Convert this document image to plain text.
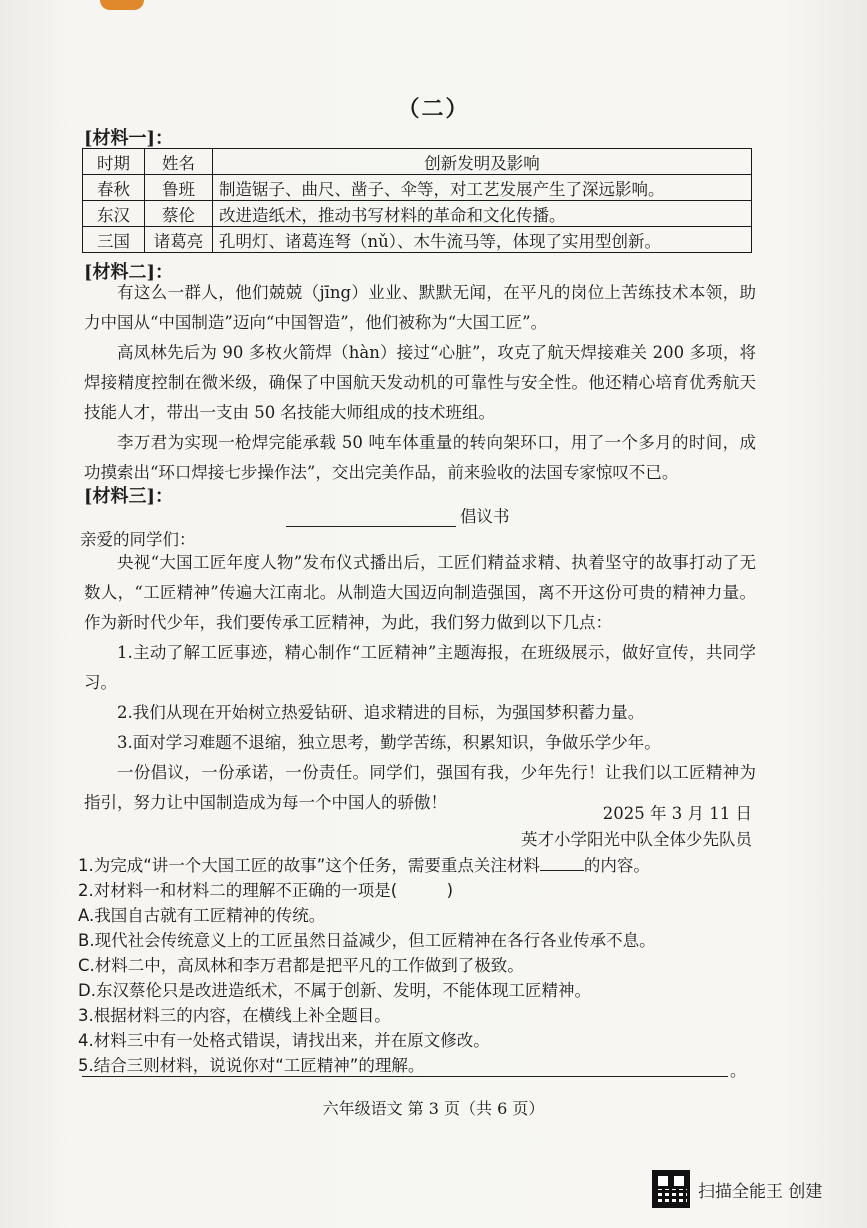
（二）
[材料一]：
时期	姓名	创新发明及影响
春秋	鲁班	制造锯子、曲尺、凿子、伞等，对工艺发展产生了深远影响。
东汉	蔡伦	改进造纸术，推动书写材料的革命和文化传播。
三国	诸葛亮	孔明灯、诸葛连弩（nǔ）、木牛流马等，体现了实用型创新。
[材料二]：
有这么一群人，他们兢兢（jīng）业业、默默无闻，在平凡的岗位上苦练技术本领，助力中国从“中国制造”迈向“中国智造”，他们被称为“大国工匠”。
高凤林先后为 90 多枚火箭焊（hàn）接过“心脏”，攻克了航天焊接难关 200 多项，将焊接精度控制在微米级，确保了中国航天发动机的可靠性与安全性。他还精心培育优秀航天技能人才，带出一支由 50 名技能大师组成的技术班组。
李万君为实现一枪焊完能承载 50 吨车体重量的转向架环口，用了一个多月的时间，成功摸索出“环口焊接七步操作法”，交出完美作品，前来验收的法国专家惊叹不已。
[材料三]：
倡议书
亲爱的同学们：
央视“大国工匠年度人物”发布仪式播出后，工匠们精益求精、执着坚守的故事打动了无数人，“工匠精神”传遍大江南北。从制造大国迈向制造强国，离不开这份可贵的精神力量。作为新时代少年，我们要传承工匠精神，为此，我们努力做到以下几点：
1.主动了解工匠事迹，精心制作“工匠精神”主题海报，在班级展示，做好宣传，共同学习。
2.我们从现在开始树立热爱钻研、追求精进的目标，为强国梦积蓄力量。
3.面对学习难题不退缩，独立思考，勤学苦练，积累知识，争做乐学少年。
一份倡议，一份承诺，一份责任。同学们，强国有我，少年先行！让我们以工匠精神为指引，努力让中国制造成为每一个中国人的骄傲！
2025 年 3 月 11 日
英才小学阳光中队全体少先队员
1.为完成“讲一个大国工匠的故事”这个任务，需要重点关注材料	的内容。
2.对材料一和材料二的理解不正确的一项是(　　　)
A.我国自古就有工匠精神的传统。
B.现代社会传统意义上的工匠虽然日益减少，但工匠精神在各行各业传承不息。
C.材料二中，高凤林和李万君都是把平凡的工作做到了极致。
D.东汉蔡伦只是改进造纸术，不属于创新、发明，不能体现工匠精神。
3.根据材料三的内容，在横线上补全题目。
4.材料三中有一处格式错误，请找出来，并在原文修改。
5.结合三则材料，说说你对“工匠精神”的理解。	。
六年级语文 第 3 页（共 6 页）
扫描全能王 创建
